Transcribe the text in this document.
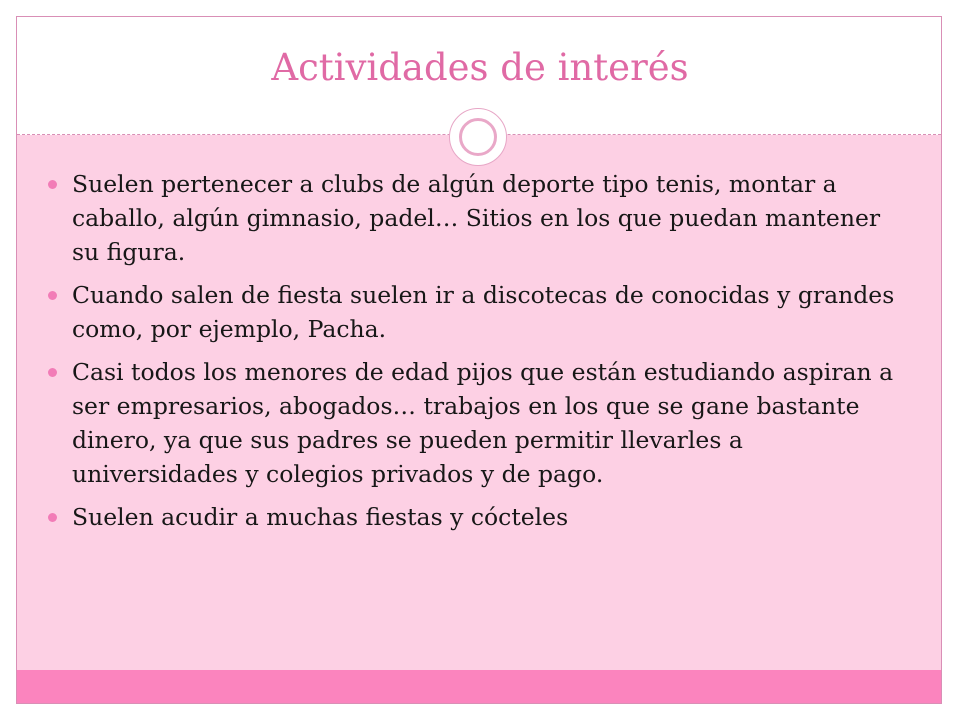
Actividades de interés
Suelen pertenecer a clubs de algún deporte tipo tenis, montar a caballo, algún gimnasio, padel… Sitios en los que puedan mantener su figura.
Cuando salen de fiesta suelen ir a discotecas de conocidas y grandes como, por ejemplo, Pacha.
Casi todos los menores de edad pijos que están estudiando aspiran a ser empresarios, abogados… trabajos en los que se gane bastante dinero, ya que sus padres se pueden permitir llevarles a universidades y colegios privados y de pago.
Suelen acudir a muchas fiestas y cócteles
